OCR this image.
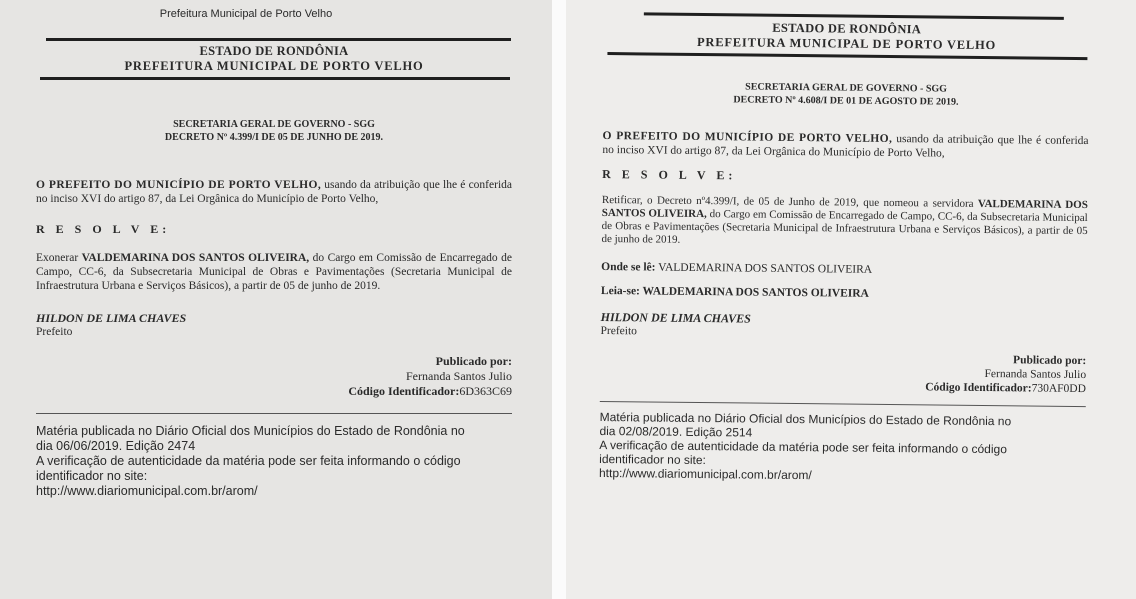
Prefeitura Municipal de Porto Velho
ESTADO DE RONDÔNIA
PREFEITURA MUNICIPAL DE PORTO VELHO
SECRETARIA GERAL DE GOVERNO - SGG
DECRETO Nº 4.399/I DE 05 DE JUNHO DE 2019.
O PREFEITO DO MUNICÍPIO DE PORTO VELHO, usando da atribuição que lhe é conferida no inciso XVI do artigo 87, da Lei Orgânica do Município de Porto Velho,
R E S O L V E:
Exonerar VALDEMARINA DOS SANTOS OLIVEIRA, do Cargo em Comissão de Encarregado de Campo, CC-6, da Subsecretaria Municipal de Obras e Pavimentações (Secretaria Municipal de Infraestrutura Urbana e Serviços Básicos), a partir de 05 de junho de 2019.
HILDON DE LIMA CHAVES
Prefeito
Publicado por:
Fernanda Santos Julio
Código Identificador:6D363C69
Matéria publicada no Diário Oficial dos Municípios do Estado de Rondônia no dia 06/06/2019. Edição 2474
A verificação de autenticidade da matéria pode ser feita informando o código identificador no site:
http://www.diariomunicipal.com.br/arom/
ESTADO DE RONDÔNIA
PREFEITURA MUNICIPAL DE PORTO VELHO
SECRETARIA GERAL DE GOVERNO - SGG
DECRETO Nº 4.608/I DE 01 DE AGOSTO DE 2019.
O PREFEITO DO MUNICÍPIO DE PORTO VELHO, usando da atribuição que lhe é conferida no inciso XVI do artigo 87, da Lei Orgânica do Município de Porto Velho,
R E S O L V E:
Retificar, o Decreto nº4.399/I, de 05 de Junho de 2019, que nomeou a servidora VALDEMARINA DOS SANTOS OLIVEIRA, do Cargo em Comissão de Encarregado de Campo, CC-6, da Subsecretaria Municipal de Obras e Pavimentações (Secretaria Municipal de Infraestrutura Urbana e Serviços Básicos), a partir de 05 de junho de 2019.
Onde se lê: VALDEMARINA DOS SANTOS OLIVEIRA
Leia-se: WALDEMARINA DOS SANTOS OLIVEIRA
HILDON DE LIMA CHAVES
Prefeito
Publicado por:
Fernanda Santos Julio
Código Identificador:730AF0DD
Matéria publicada no Diário Oficial dos Municípios do Estado de Rondônia no dia 02/08/2019. Edição 2514
A verificação de autenticidade da matéria pode ser feita informando o código identificador no site:
http://www.diariomunicipal.com.br/arom/
